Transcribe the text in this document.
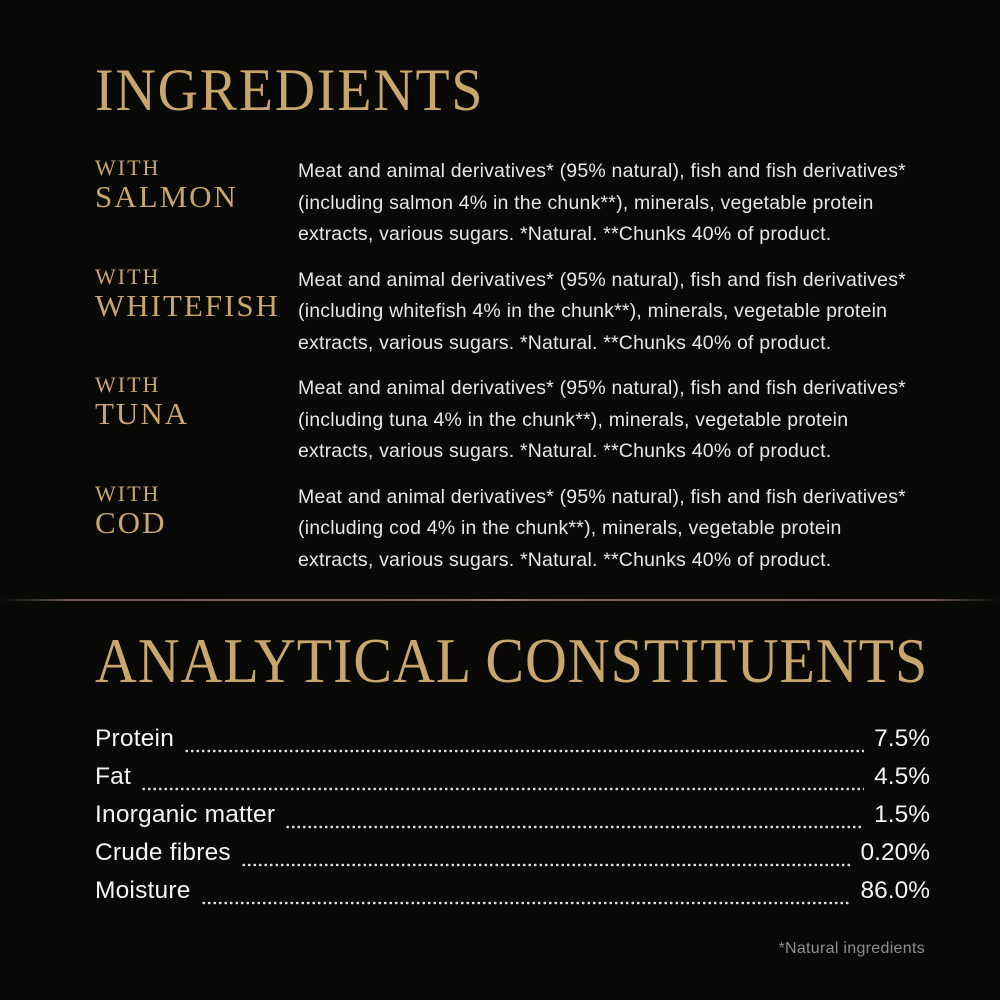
INGREDIENTS
WITH
SALMON

Meat and animal derivatives* (95% natural), fish and fish derivatives* (including salmon 4% in the chunk**), minerals, vegetable protein extracts, various sugars. *Natural. **Chunks 40% of product.

WITH
WHITEFISH

Meat and animal derivatives* (95% natural), fish and fish derivatives* (including whitefish 4% in the chunk**), minerals, vegetable protein extracts, various sugars. *Natural. **Chunks 40% of product.

WITH
TUNA

Meat and animal derivatives* (95% natural), fish and fish derivatives* (including tuna 4% in the chunk**), minerals, vegetable protein extracts, various sugars. *Natural. **Chunks 40% of product.

WITH
COD

Meat and animal derivatives* (95% natural), fish and fish derivatives* (including cod 4% in the chunk**), minerals, vegetable protein extracts, various sugars. *Natural. **Chunks 40% of product.

ANALYTICAL CONSTITUENTS
Protein	7.5%
Fat	4.5%
Inorganic matter	1.5%
Crude fibres	0.20%
Moisture	86.0%
*Natural ingredients
